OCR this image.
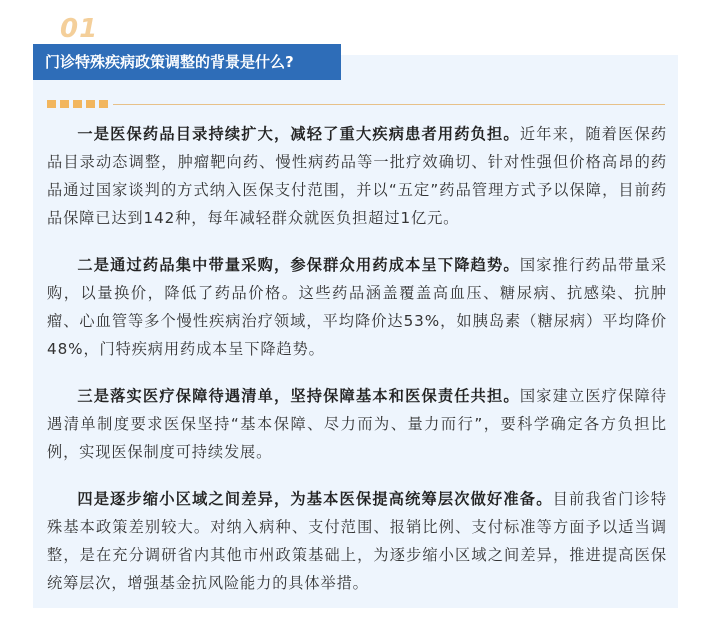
01
门诊特殊疾病政策调整的背景是什么?

一是医保药品目录持续扩大，减轻了重大疾病患者用药负担。近年来，随着医保药品目录动态调整，肿瘤靶向药、慢性病药品等一批疗效确切、针对性强但价格高昂的药品通过国家谈判的方式纳入医保支付范围，并以“五定”药品管理方式予以保障，目前药品保障已达到142种，每年减轻群众就医负担超过1亿元。

二是通过药品集中带量采购，参保群众用药成本呈下降趋势。国家推行药品带量采购，以量换价，降低了药品价格。这些药品涵盖覆盖高血压、糖尿病、抗感染、抗肿瘤、心血管等多个慢性疾病治疗领域，平均降价达53%，如胰岛素（糖尿病）平均降价48%，门特疾病用药成本呈下降趋势。

三是落实医疗保障待遇清单，坚持保障基本和医保责任共担。国家建立医疗保障待遇清单制度要求医保坚持“基本保障、尽力而为、量力而行”，要科学确定各方负担比例，实现医保制度可持续发展。

四是逐步缩小区域之间差异，为基本医保提高统筹层次做好准备。目前我省门诊特殊基本政策差别较大。对纳入病种、支付范围、报销比例、支付标准等方面予以适当调整，是在充分调研省内其他市州政策基础上，为逐步缩小区域之间差异，推进提高医保统筹层次，增强基金抗风险能力的具体举措。
